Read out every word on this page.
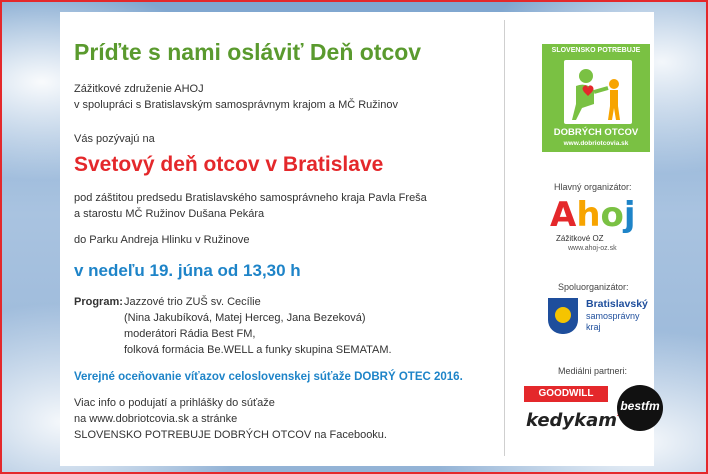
Príďte s nami osláviť Deň otcov
Zážitkové združenie AHOJ
v spolupráci s Bratislavským samosprávnym krajom a MČ Ružinov
Vás pozývajú na
Svetový deň otcov v Bratislave
pod záštitou predsedu Bratislavského samosprávneho kraja Pavla Freša
a starostu MČ Ružinov Dušana Pekára
do Parku Andreja Hlinku v Ružinove
v nedeľu 19. júna od 13,30 h
Program: Jazzové trio ZUŠ sv. Cecílie
(Nina Jakubíková, Matej Herceg, Jana Bezeková)
moderátori Rádia Best FM,
folková formácia Be.WELL a funky skupina SEMATAM.
Verejné oceňovanie víťazov celoslovenskej súťaže DOBRÝ OTEC 2016.
Viac info o podujatí a prihlášky do súťaže
na www.dobriotcovia.sk a stránke
SLOVENSKO POTREBUJE DOBRÝCH OTCOV na Facebooku.
SLOVENSKO POTREBUJE
DOBRÝCH OTCOV
www.dobriotcovia.sk
Hlavný organizátor:
Ahoj
Zážitkové OZ
www.ahoj-oz.sk
Spoluorganizátor:
Bratislavský
samosprávny
kraj
Mediálni partneri:
GOODWILL
kedykam
bestfm
